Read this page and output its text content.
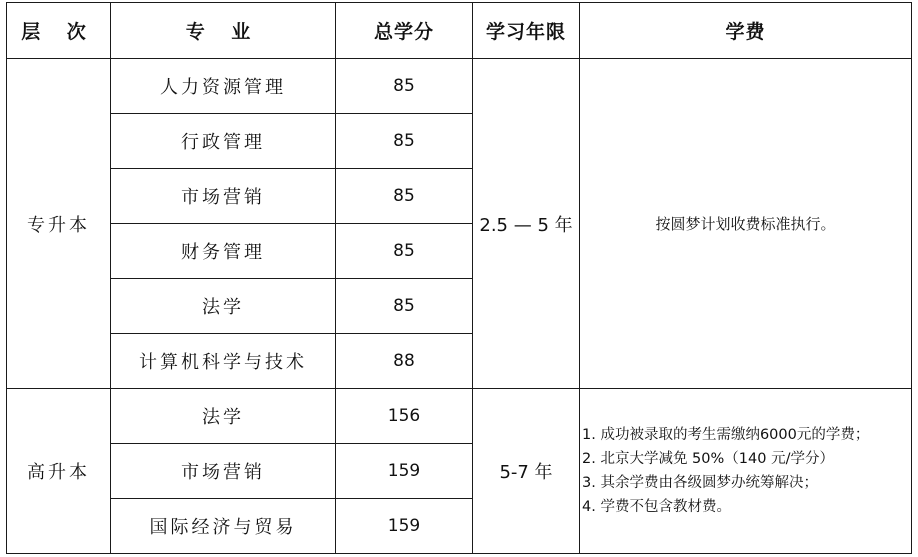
层 次	专 业	总学分	学习年限	学费
专升本	人力资源管理	85	2.5 — 5 年	按圆梦计划收费标准执行。
	行政管理	85		
	市场营销	85		
	财务管理	85		
	法学	85		
	计算机科学与技术	88		
高升本	法学	156	5-7 年	1. 成功被录取的考生需缴纳6000元的学费；
2. 北京大学减免 50%（140 元/学分）
3. 其余学费由各级圆梦办统筹解决；
4. 学费不包含教材费。

	市场营销	159		
	国际经济与贸易	159		
